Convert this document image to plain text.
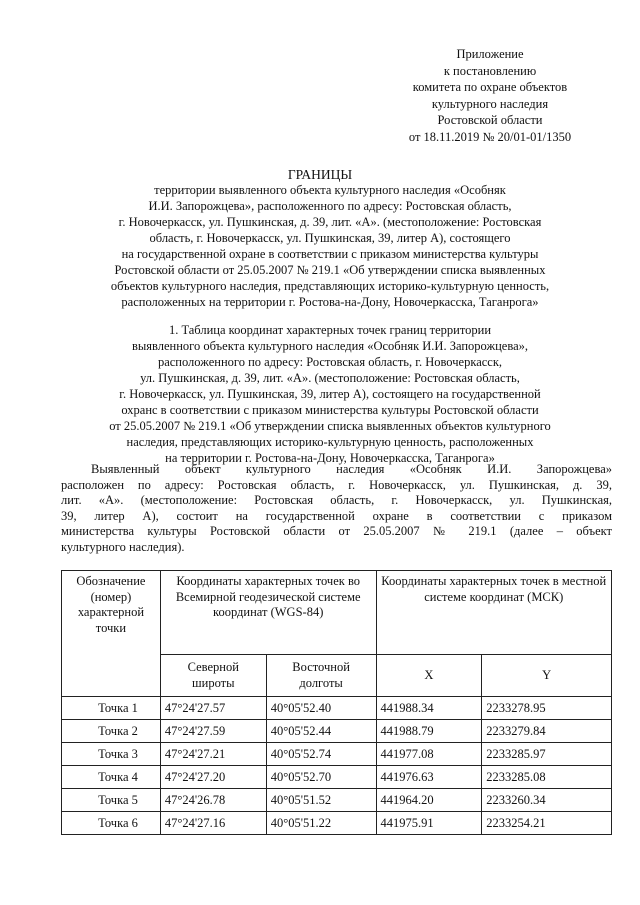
Приложение
к постановлению
комитета по охране объектов
культурного наследия
Ростовской области
от 18.11.2019 № 20/01-01/1350
ГРАНИЦЫ
территории выявленного объекта культурного наследия «Особняк
И.И. Запорожцева», расположенного по адресу: Ростовская область,
г. Новочеркасск, ул. Пушкинская, д. 39, лит. «А». (местоположение: Ростовская
область, г. Новочеркасск, ул. Пушкинская, 39, литер А), состоящего
на государственной охране в соответствии с приказом министерства культуры
Ростовской области от 25.05.2007 № 219.1 «Об утверждении списка выявленных
объектов культурного наследия, представляющих историко-культурную ценность,
расположенных на территории г. Ростова-на-Дону, Новочеркасска, Таганрога»
1. Таблица координат характерных точек границ территории
выявленного объекта культурного наследия «Особняк И.И. Запорожцева»,
расположенного по адресу: Ростовская область, г. Новочеркасск,
ул. Пушкинская, д. 39, лит. «А». (местоположение: Ростовская область,
г. Новочеркасск, ул. Пушкинская, 39, литер А), состоящего на государственной
охранс в соответствии с приказом министерства культуры Ростовской области
от 25.05.2007 № 219.1 «Об утверждении списка выявленных объектов культурного
наследия, представляющих историко-культурную ценность, расположенных
на территории г. Ростова-на-Дону, Новочеркасска, Таганрога»
Выявленный объект культурного наследия «Особняк И.И. Запорожцева»
расположен по адресу: Ростовская область, г. Новочеркасск, ул. Пушкинская, д. 39,
лит. «А». (местоположение: Ростовская область, г. Новочеркасск, ул. Пушкинская,
39, литер А), состоит на государственной охране в соответствии с приказом
министерства культуры Ростовской области от 25.05.2007 № 219.1 (далее – объект
культурного наследия).
Обозначение (номер) характерной точки	Координаты характерных точек во Всемирной геодезической системе координат (WGS-84)		Координаты характерных точек в местной системе координат (МСК)	
	Северной широты	Восточной долготы	X	Y
Точка 1	47°24'27.57	40°05'52.40	441988.34	2233278.95
Точка 2	47°24'27.59	40°05'52.44	441988.79	2233279.84
Точка 3	47°24'27.21	40°05'52.74	441977.08	2233285.97
Точка 4	47°24'27.20	40°05'52.70	441976.63	2233285.08
Точка 5	47°24'26.78	40°05'51.52	441964.20	2233260.34
Точка 6	47°24'27.16	40°05'51.22	441975.91	2233254.21
